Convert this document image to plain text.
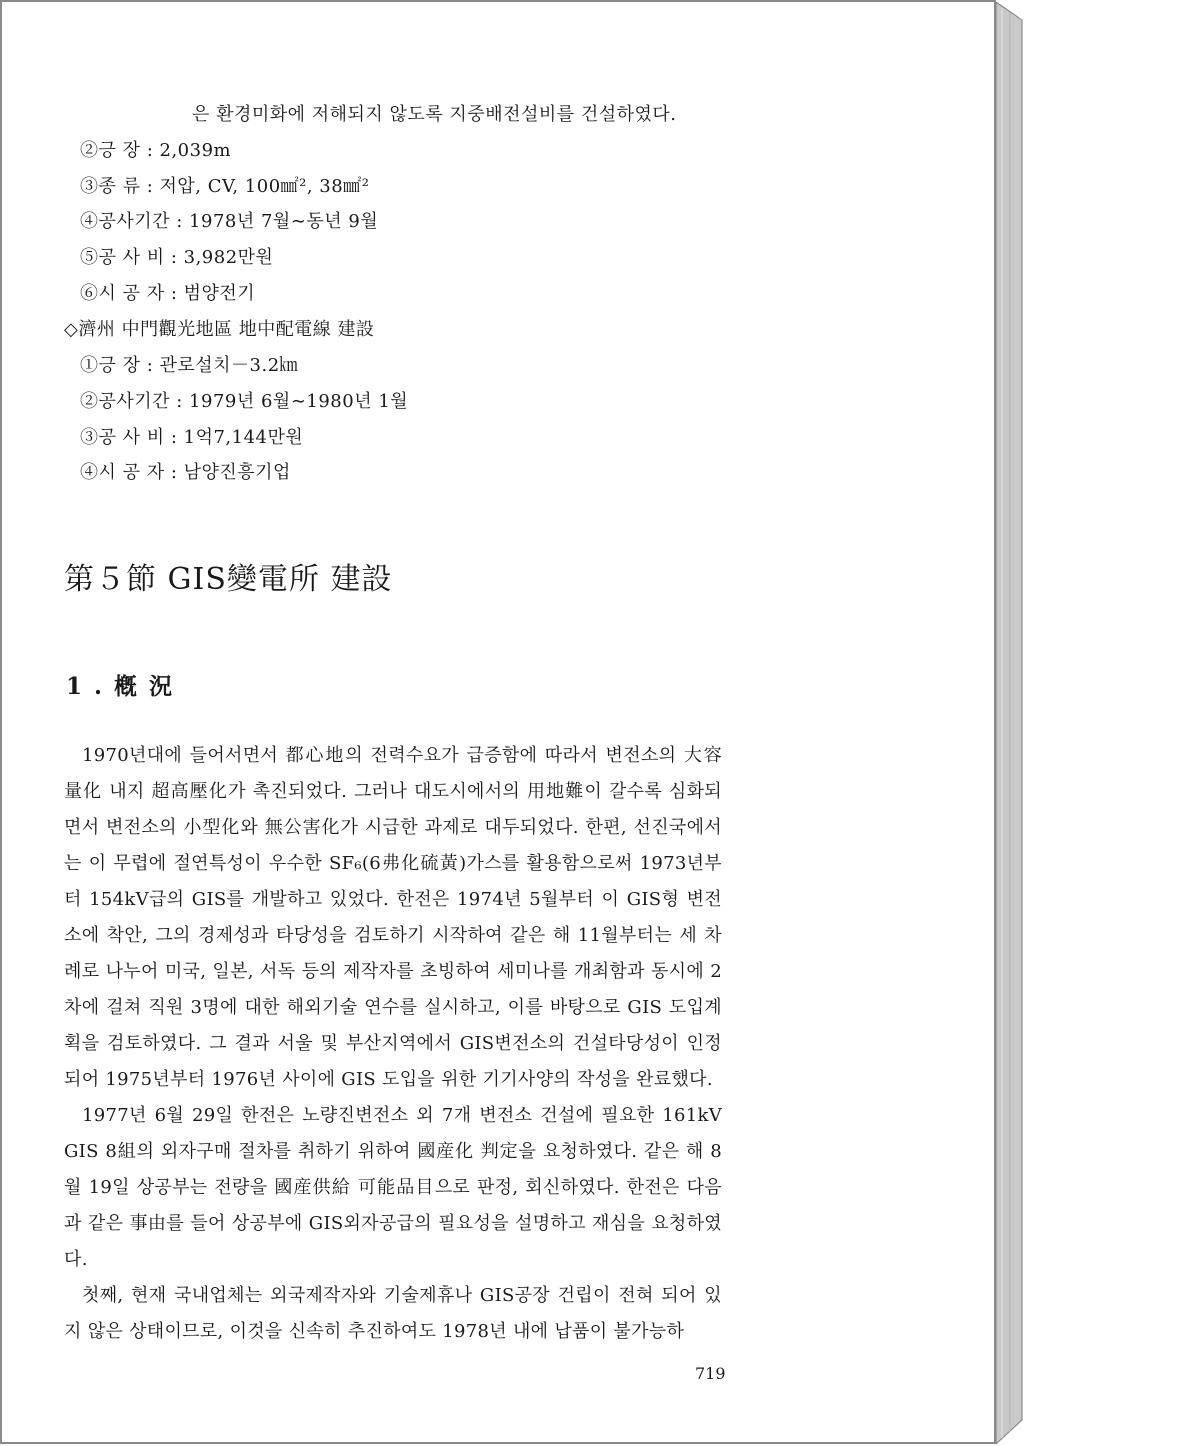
은 환경미화에 저해되지 않도록 지중배전설비를 건설하였다.
②긍 장 : 2,039m
③종 류 : 저압, CV, 100㎟², 38㎟²
④공사기간 : 1978년 7월∼동년 9월
⑤공 사 비 : 3,982만원
⑥시 공 자 : 범양전기
◇濟州 中門觀光地區 地中配電線 建設
①긍 장 : 관로설치－3.2㎞
②공사기간 : 1979년 6월∼1980년 1월
③공 사 비 : 1억7,144만원
④시 공 자 : 남양진흥기업
第５節 GIS變電所 建設
1 . 槪 況

1970년대에 들어서면서 都心地의 전력수요가 급증함에 따라서 변전소의 大容量化 내지 超高壓化가 촉진되었다. 그러나 대도시에서의 用地難이 갈수록 심화되면서 변전소의 小型化와 無公害化가 시급한 과제로 대두되었다. 한편, 선진국에서는 이 무렵에 절연특성이 우수한 SF₆(6弗化硫黃)가스를 활용함으로써 1973년부터 154kV급의 GIS를 개발하고 있었다. 한전은 1974년 5월부터 이 GIS형 변전소에 착안, 그의 경제성과 타당성을 검토하기 시작하여 같은 해 11월부터는 세 차례로 나누어 미국, 일본, 서독 등의 제작자를 초빙하여 세미나를 개최함과 동시에 2차에 걸쳐 직원 3명에 대한 해외기술 연수를 실시하고, 이를 바탕으로 GIS 도입계획을 검토하였다. 그 결과 서울 및 부산지역에서 GIS변전소의 건설타당성이 인정되어 1975년부터 1976년 사이에 GIS 도입을 위한 기기사양의 작성을 완료했다.

1977년 6월 29일 한전은 노량진변전소 외 7개 변전소 건설에 필요한 161kV GIS 8組의 외자구매 절차를 취하기 위하여 國産化 判定을 요청하였다. 같은 해 8월 19일 상공부는 전량을 國産供給 可能品目으로 판정, 회신하였다. 한전은 다음과 같은 事由를 들어 상공부에 GIS외자공급의 필요성을 설명하고 재심을 요청하였다.

첫째, 현재 국내업체는 외국제작자와 기술제휴나 GIS공장 건립이 전혀 되어 있지 않은 상태이므로, 이것을 신속히 추진하여도 1978년 내에 납품이 불가능하

719
